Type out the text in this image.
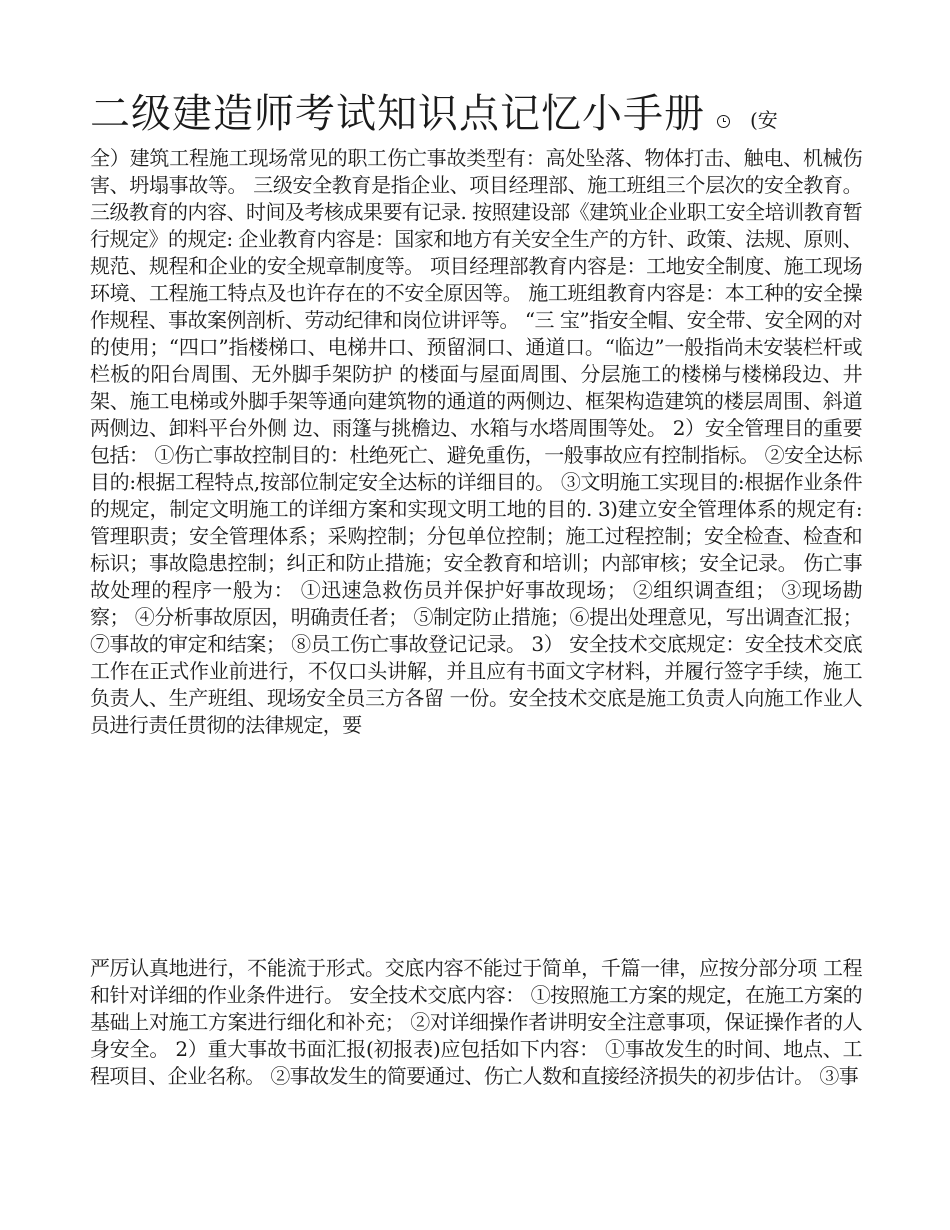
二级建造师考试知识点记忆小手册 (安

全）建筑工程施工现场常见的职工伤亡事故类型有：高处坠落、物体打击、触电、机械伤害、坍塌事故等。 三级安全教育是指企业、项目经理部、施工班组三个层次的安全教育。三级教育的内容、时间及考核成果要有记录. 按照建设部《建筑业企业职工安全培训教育暂行规定》的规定: 企业教育内容是：国家和地方有关安全生产的方针、政策、法规、原则、规范、规程和企业的安全规章制度等。 项目经理部教育内容是：工地安全制度、施工现场环境、工程施工特点及也许存在的不安全原因等。 施工班组教育内容是：本工种的安全操作规程、事故案例剖析、劳动纪律和岗位讲评等。 “三 宝”指安全帽、安全带、安全网的对的使用；“四口”指楼梯口、电梯井口、预留洞口、通道口。“临边”一般指尚未安装栏杆或栏板的阳台周围、无外脚手架防护 的楼面与屋面周围、分层施工的楼梯与楼梯段边、井架、施工电梯或外脚手架等通向建筑物的通道的两侧边、框架构造建筑的楼层周围、斜道两侧边、卸料平台外侧 边、雨篷与挑檐边、水箱与水塔周围等处。 2）安全管理目的重要包括： ①伤亡事故控制目的：杜绝死亡、避免重伤，一般事故应有控制指标。 ②安全达标目的:根据工程特点,按部位制定安全达标的详细目的。 ③文明施工实现目的:根据作业条件的规定，制定文明施工的详细方案和实现文明工地的目的. 3)建立安全管理体系的规定有:管理职责；安全管理体系；采购控制；分包单位控制；施工过程控制；安全检查、检查和标识；事故隐患控制；纠正和防止措施；安全教育和培训；内部审核；安全记录。 伤亡事故处理的程序一般为： ①迅速急救伤员并保护好事故现场； ②组织调查组； ③现场勘察； ④分析事故原因，明确责任者； ⑤制定防止措施；⑥提出处理意见，写出调查汇报； ⑦事故的审定和结案； ⑧员工伤亡事故登记记录。 3） 安全技术交底规定：安全技术交底工作在正式作业前进行，不仅口头讲解，并且应有书面文字材料，并履行签字手续，施工负责人、生产班组、现场安全员三方各留 一份。安全技术交底是施工负责人向施工作业人员进行责任贯彻的法律规定，要

严厉认真地进行，不能流于形式。交底内容不能过于简单，千篇一律，应按分部分项 工程和针对详细的作业条件进行。 安全技术交底内容： ①按照施工方案的规定，在施工方案的基础上对施工方案进行细化和补充； ②对详细操作者讲明安全注意事项，保证操作者的人身安全。 2）重大事故书面汇报(初报表)应包括如下内容： ①事故发生的时间、地点、工程项目、企业名称。 ②事故发生的简要通过、伤亡人数和直接经济损失的初步估计。 ③事
